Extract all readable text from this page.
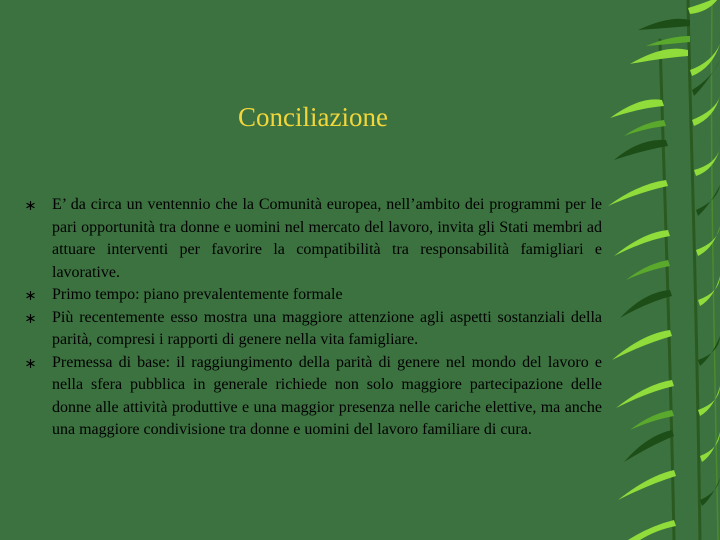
Conciliazione
E’ da circa un ventennio che la Comunità europea, nell’ambito dei programmi per le pari opportunità tra donne e uomini nel mercato del lavoro, invita gli Stati membri ad attuare interventi per favorire la compatibilità tra responsabilità famigliari e lavorative.
Primo tempo: piano prevalentemente formale
Più recentemente esso mostra una maggiore attenzione agli aspetti sostanziali della parità, compresi i rapporti di genere nella vita famigliare.
Premessa di base: il raggiungimento della parità di genere nel mondo del lavoro e nella sfera pubblica in generale richiede non solo maggiore partecipazione delle donne alle attività produttive e una maggior presenza nelle cariche elettive, ma anche una maggiore condivisione tra donne e uomini del lavoro familiare di cura.
